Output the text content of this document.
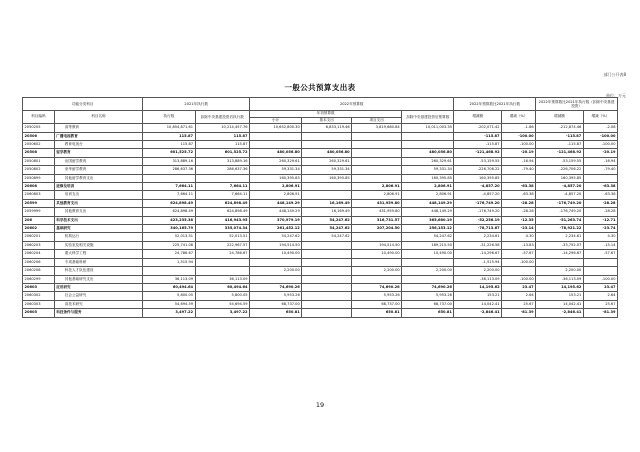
部门公开表8
一般公共预算支出表
单位：万元
功能分类科目		2021年执行数		2022年预算数				2022年预算数比2021年执行数		2022年预算数比2021年执行数（扣除中央基建投资）	
科目编码	科目名称	执行数	扣除中央基建投资后执行数	年初预算数			扣除中央基建投资后预算数	增减额	增减（%）	增减额	增减（%）
				小计	基本支出	项目支出					
2050205	高等教育	10,854,871.61	10,214,457.76	10,652,800.30	6,833,119.46	3,819,680.84	10,011,003.35	-202,071.42	-1.86	-212,874.46	-2.08
20506	广播电视教育	115.87	115.87					-115.87	-100.00	-115.87	-100.00
2050602	教育电视台	115.87	115.87					-115.87	-100.00	-115.87	-100.00
20508	留学教育	601,525.72	601,525.72	480,056.80	480,056.80		480,056.80	-121,468.92	-20.19	-121,468.92	-20.19
2050801	出国留学教育	313,889.16	313,889.16	260,329.61	260,329.61		260,329.61	-53,159.55	-16.94	-53,159.55	-16.94
2050802	来华留学教育	286,637.36	286,637.36	59,331.34	59,331.34		59,331.34	-226,706.22	-79.40	-226,706.22	-79.40
2050899	其他留学教育支出			160,395.85	160,395.85		160,395.85	160,395.85		160,395.85	
20608	进修及培训	7,664.11	7,664.11	2,806.91		2,806.91	2,806.91	-4,857.20	-63.38	-4,857.20	-63.38
2060803	培训支出	7,664.11	7,664.11	2,806.91		2,806.91	2,806.91	-4,857.20	-63.38	-4,857.20	-63.38
20599	其他教育支出	624,898.49	624,898.49	448,149.29	16,169.49	431,959.80	448,149.29	-176,749.20	-28.28	-176,749.20	-28.28
2059999	其他教育支出	624,898.49	624,898.49	448,149.29	16,169.49	431,959.80	448,149.29	-176,749.20	-28.28	-176,749.20	-28.28
206	科学技术支出	423,235.38	416,943.95	370,979.19	54,247.62	316,731.57	365,680.19	-52,256.19	-12.35	-51,263.74	-12.71
20602	基础研究	340,165.79	335,074.34	261,452.12	54,247.62	207,204.50	256,153.12	-78,713.67	-23.14	-78,921.22	-23.74
2060201	机构运行	52,013.51	52,013.51	54,247.62	54,247.62		54,247.62	2,234.61	4.30	2,234.61	4.30
2060203	实验室及相关设施	225,741.08	222,967.57	194,514.50		194,514.50	189,215.50	-31,226.58	-13.83	-33,752.07	-15.14
2060204	重大科学工程	24,786.67	24,786.67	10,490.00		10,490.00	10,490.00	-14,296.67	-57.67	-14,296.67	-57.67
2060206	专项基础科研	1,515.94						-1,515.94	-100.00		
2060208	科技人才队伍建设			2,200.00		2,200.00	2,200.00	2,200.00		2,200.00	
2060299	其他基础研究支出	36,113.09	36,113.09					-36,113.09	-100.00	-36,113.09	-100.00
20603	应用研究	60,494.64	60,494.64	74,690.26		74,690.26	74,690.26	14,195.62	23.47	14,195.62	23.47
2060302	社会公益研究	5,800.05	5,800.05	5,953.26		5,953.26	5,953.26	153.21	2.64	153.21	2.64
2060303	高技术研究	54,694.59	54,694.59	68,737.00		68,737.00	68,737.00	14,042.41	25.67	14,042.41	25.67
20605	科技条件与服务	3,497.22	3,497.22	650.81		650.81	650.81	-2,846.41	-81.39	-2,846.41	-81.39
19
